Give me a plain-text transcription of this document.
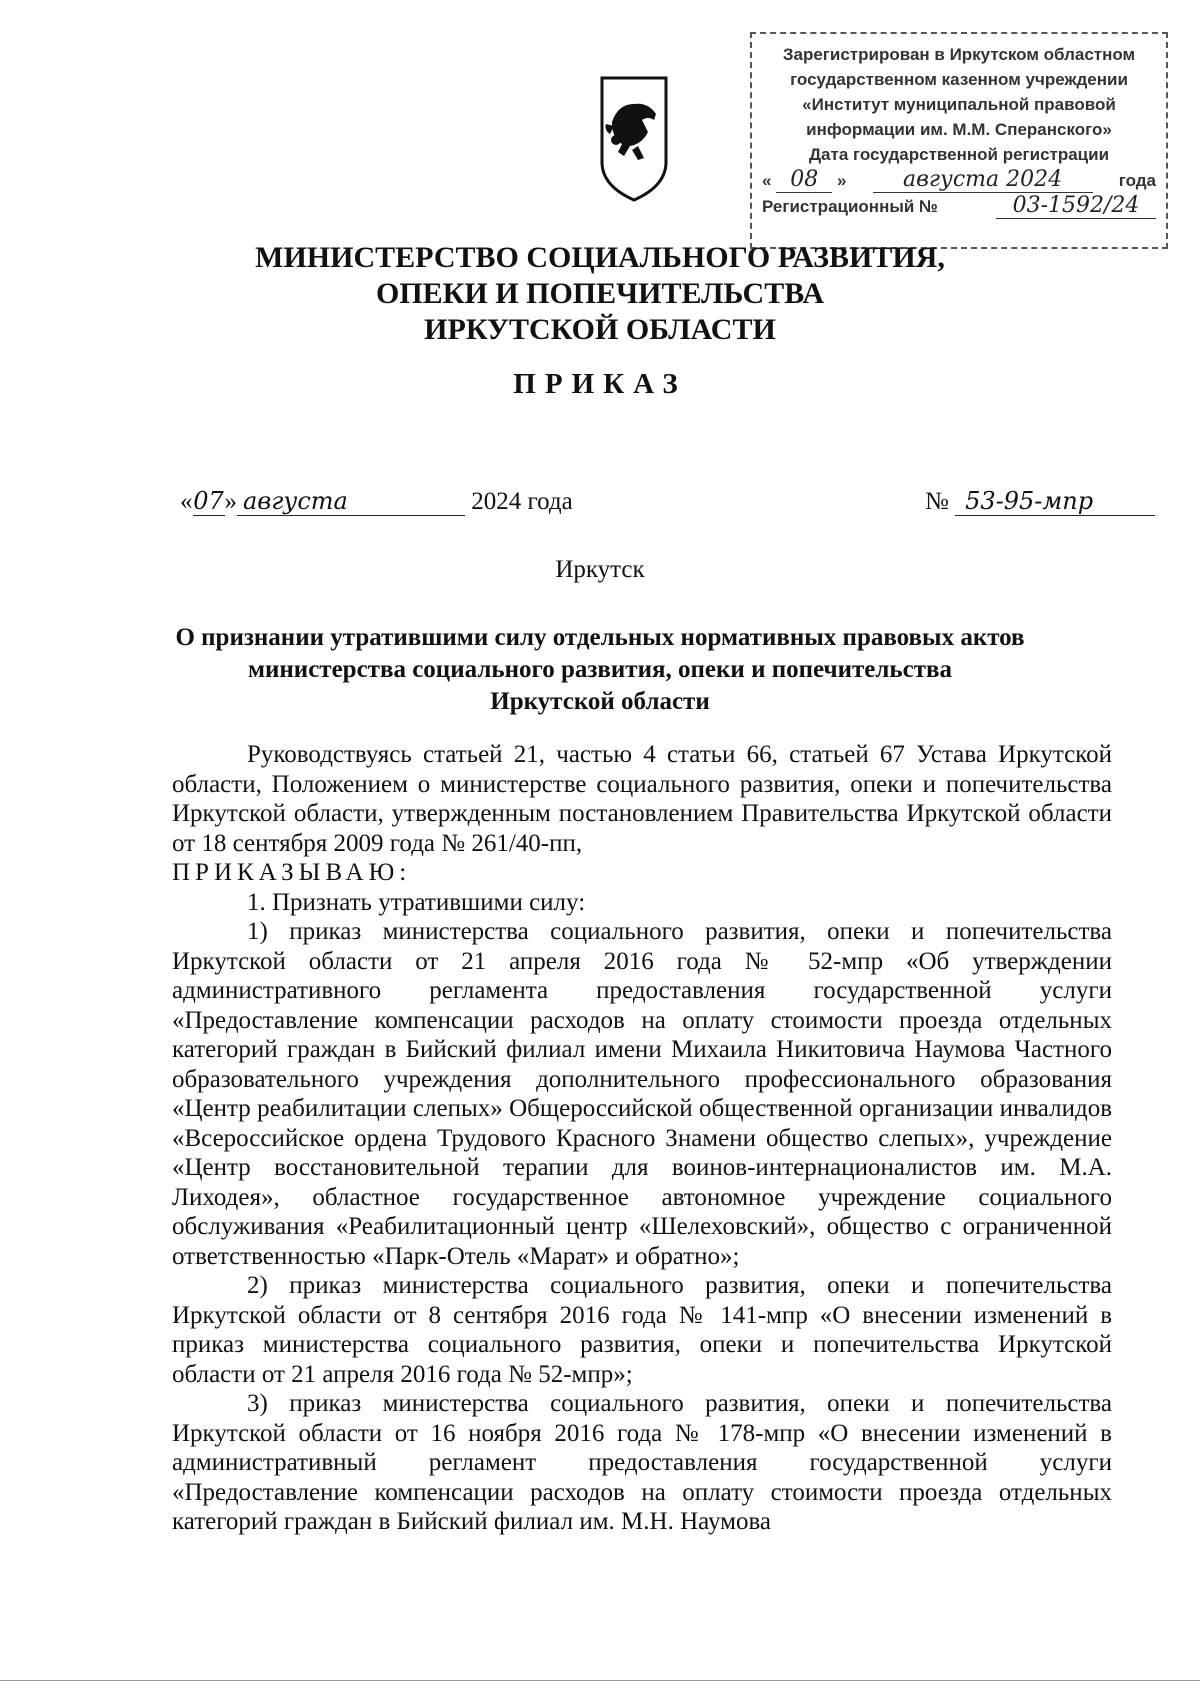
Зарегистрирован в Иркутском областном
государственном казенном учреждении
«Институт муниципальной правовой
информации им. М.М. Сперанского»
Дата государственной регистрации
« 08 »	августа 2024	года
Регистрационный №	03-1592/24
МИНИСТЕРСТВО СОЦИАЛЬНОГО РАЗВИТИЯ,
ОПЕКИ И ПОПЕЧИТЕЛЬСТВА
ИРКУТСКОЙ ОБЛАСТИ
ПРИКАЗ
«07» августа	2024 года	№ 53-95-мпр
Иркутск
О признании утратившими силу отдельных нормативных правовых актов
министерства социального развития, опеки и попечительства
Иркутской области

Руководствуясь статьей 21, частью 4 статьи 66, статьей 67 Устава Иркутской области, Положением о министерстве социального развития, опеки и попечительства Иркутской области, утвержденным постановлением Правительства Иркутской области от 18 сентября 2009 года № 261/40-пп,

ПРИКАЗЫВАЮ:

1. Признать утратившими силу:

1) приказ министерства социального развития, опеки и попечительства Иркутской области от 21 апреля 2016 года № 52-мпр «Об утверждении административного регламента предоставления государственной услуги «Предоставление компенсации расходов на оплату стоимости проезда отдельных категорий граждан в Бийский филиал имени Михаила Никитовича Наумова Частного образовательного учреждения дополнительного профессионального образования «Центр реабилитации слепых» Общероссийской общественной организации инвалидов «Всероссийское ордена Трудового Красного Знамени общество слепых», учреждение «Центр восстановительной терапии для воинов-интернационалистов им. М.А. Лиходея», областное государственное автономное учреждение социального обслуживания «Реабилитационный центр «Шелеховский», общество с ограниченной ответственностью «Парк-Отель «Марат» и обратно»;

2) приказ министерства социального развития, опеки и попечительства Иркутской области от 8 сентября 2016 года № 141-мпр «О внесении изменений в приказ министерства социального развития, опеки и попечительства Иркутской области от 21 апреля 2016 года № 52-мпр»;

3) приказ министерства социального развития, опеки и попечительства Иркутской области от 16 ноября 2016 года № 178-мпр «О внесении изменений в административный регламент предоставления государственной услуги «Предоставление компенсации расходов на оплату стоимости проезда отдельных категорий граждан в Бийский филиал им. М.Н. Наумова
